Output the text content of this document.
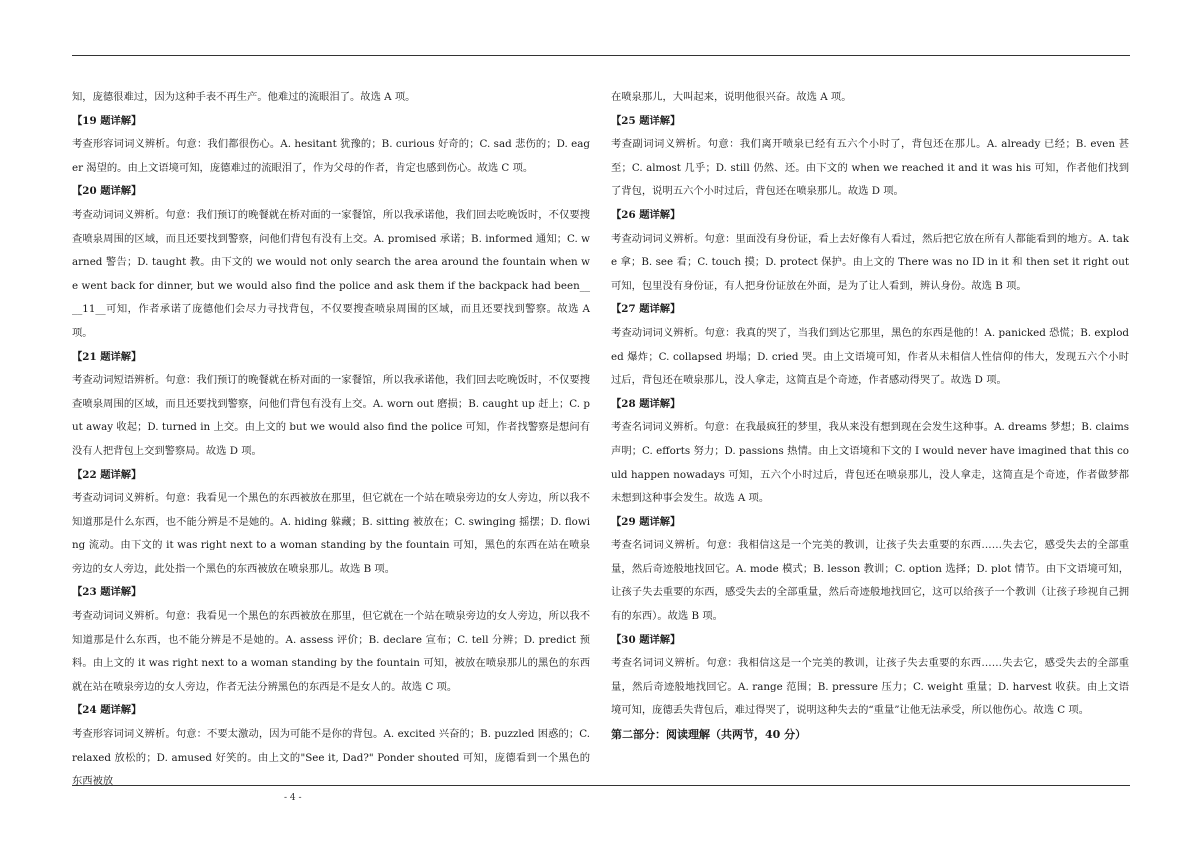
知，庞德很难过，因为这种手表不再生产。他难过的流眼泪了。故选 A 项。

【19 题详解】

考查形容词词义辨析。句意：我们都很伤心。A. hesitant 犹豫的；B. curious 好奇的；C. sad 悲伤的；D. eager 渴望的。由上文语境可知，庞德难过的流眼泪了，作为父母的作者，肯定也感到伤心。故选 C 项。

【20 题详解】

考查动词词义辨析。句意：我们预订的晚餐就在桥对面的一家餐馆，所以我承诺他，我们回去吃晚饭时，不仅要搜查喷泉周围的区域，而且还要找到警察，问他们背包有没有上交。A. promised 承诺；B. informed 通知；C. warned 警告；D. taught 教。由下文的 we would not only search the area around the fountain when we went back for dinner, but we would also find the police and ask them if the backpack had been____11__可知，作者承诺了庞德他们会尽力寻找背包，不仅要搜查喷泉周围的区域，而且还要找到警察。故选 A 项。

【21 题详解】

考查动词短语辨析。句意：我们预订的晚餐就在桥对面的一家餐馆，所以我承诺他，我们回去吃晚饭时，不仅要搜查喷泉周围的区域，而且还要找到警察，问他们背包有没有上交。A. worn out 磨损；B. caught up 赶上；C. put away 收起；D. turned in 上交。由上文的 but we would also find the police 可知，作者找警察是想问有没有人把背包上交到警察局。故选 D 项。

【22 题详解】

考查动词词义辨析。句意：我看见一个黑色的东西被放在那里，但它就在一个站在喷泉旁边的女人旁边，所以我不知道那是什么东西，也不能分辨是不是她的。A. hiding 躲藏；B. sitting 被放在；C. swinging 摇摆；D. flowing 流动。由下文的 it was right next to a woman standing by the fountain 可知，黑色的东西在站在喷泉旁边的女人旁边，此处指一个黑色的东西被放在喷泉那儿。故选 B 项。

【23 题详解】

考查动词词义辨析。句意：我看见一个黑色的东西被放在那里，但它就在一个站在喷泉旁边的女人旁边，所以我不知道那是什么东西，也不能分辨是不是她的。A. assess 评价；B. declare 宣布；C. tell 分辨；D. predict 预料。由上文的 it was right next to a woman standing by the fountain 可知，被放在喷泉那儿的黑色的东西就在站在喷泉旁边的女人旁边，作者无法分辨黑色的东西是不是女人的。故选 C 项。

【24 题详解】

考查形容词词义辨析。句意：不要太激动，因为可能不是你的背包。A. excited 兴奋的；B. puzzled 困惑的；C. relaxed 放松的；D. amused 好笑的。由上文的"See it, Dad?" Ponder shouted 可知，庞德看到一个黑色的东西被放

在喷泉那儿，大叫起来，说明他很兴奋。故选 A 项。

【25 题详解】

考查副词词义辨析。句意：我们离开喷泉已经有五六个小时了，背包还在那儿。A. already 已经；B. even 甚至；C. almost 几乎；D. still 仍然、还。由下文的 when we reached it and it was his 可知，作者他们找到了背包，说明五六个小时过后，背包还在喷泉那儿。故选 D 项。

【26 题详解】

考查动词词义辨析。句意：里面没有身份证，看上去好像有人看过，然后把它放在所有人都能看到的地方。A. take 拿；B. see 看；C. touch 摸；D. protect 保护。由上文的 There was no ID in it 和 then set it right out 可知，包里没有身份证，有人把身份证放在外面，是为了让人看到，辨认身份。故选 B 项。

【27 题详解】

考查动词词义辨析。句意：我真的哭了，当我们到达它那里，黑色的东西是他的！A. panicked 恐慌；B. exploded 爆炸；C. collapsed 坍塌；D. cried 哭。由上文语境可知，作者从未相信人性信仰的伟大，发现五六个小时过后，背包还在喷泉那儿，没人拿走，这简直是个奇迹，作者感动得哭了。故选 D 项。

【28 题详解】

考查名词词义辨析。句意：在我最疯狂的梦里，我从来没有想到现在会发生这种事。A. dreams 梦想；B. claims 声明；C. efforts 努力；D. passions 热情。由上文语境和下文的 I would never have imagined that this could happen nowadays 可知，五六个小时过后，背包还在喷泉那儿，没人拿走，这简直是个奇迹，作者做梦都未想到这种事会发生。故选 A 项。

【29 题详解】

考查名词词义辨析。句意：我相信这是一个完美的教训，让孩子失去重要的东西……失去它，感受失去的全部重量，然后奇迹般地找回它。A. mode 模式；B. lesson 教训；C. option 选择；D. plot 情节。由下文语境可知，让孩子失去重要的东西，感受失去的全部重量，然后奇迹般地找回它，这可以给孩子一个教训（让孩子珍视自己拥有的东西）。故选 B 项。

【30 题详解】

考查名词词义辨析。句意：我相信这是一个完美的教训，让孩子失去重要的东西……失去它，感受失去的全部重量，然后奇迹般地找回它。A. range 范围；B. pressure 压力；C. weight 重量；D. harvest 收获。由上文语境可知，庞德丢失背包后，难过得哭了，说明这种失去的“重量”让他无法承受，所以他伤心。故选 C 项。

第二部分：阅读理解（共两节，40 分）
- 4 -
